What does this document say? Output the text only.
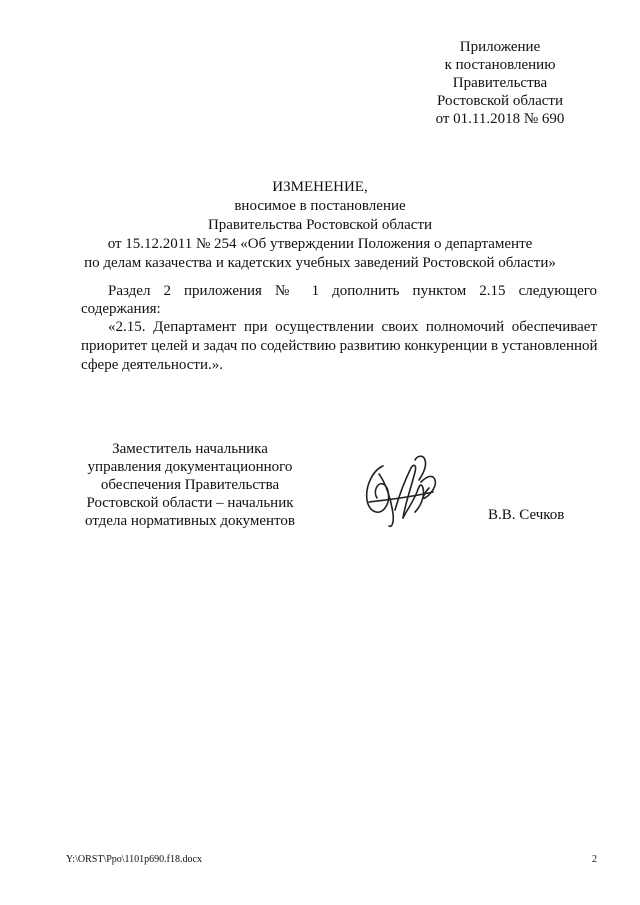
Приложение
к постановлению
Правительства
Ростовской области
от 01.11.2018 № 690
ИЗМЕНЕНИЕ,
вносимое в постановление
Правительства Ростовской области
от 15.12.2011 № 254 «Об утверждении Положения о департаменте
по делам казачества и кадетских учебных заведений Ростовской области»
Раздел 2 приложения № 1 дополнить пунктом 2.15 следующего
содержания:
«2.15. Департамент при осуществлении своих полномочий обеспечивает
приоритет целей и задач по содействию развитию конкуренции в установленной
сфере деятельности.».
Заместитель начальника
управления документационного
обеспечения Правительства
Ростовской области – начальник
отдела нормативных документов	В.В. Сечков
Y:\ORST\Ppo\1101p690.f18.docx	2
